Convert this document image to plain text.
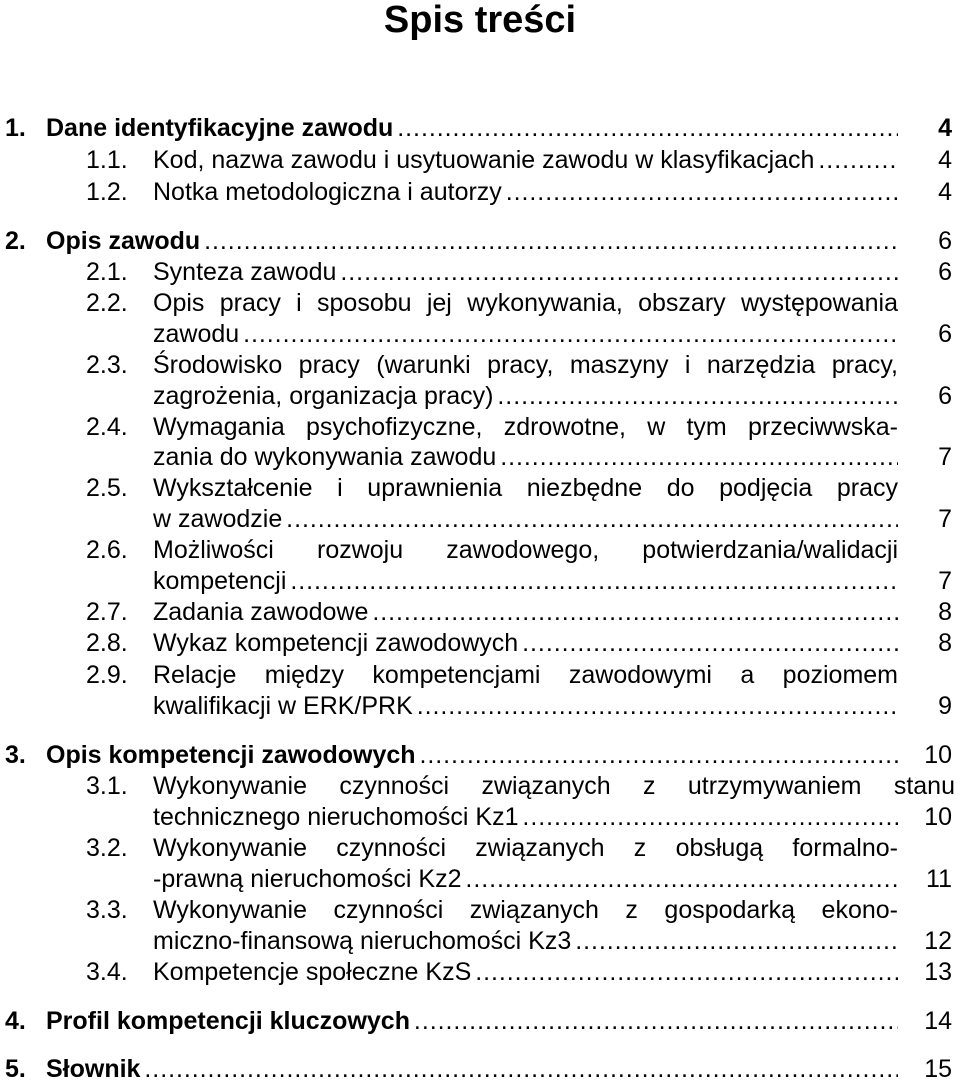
Spis treści
1. Dane identyfikacyjne zawodu . . .	4
1.1. Kod, nazwa zawodu i usytuowanie zawodu w klasyfikacjach . . .	4
1.2. Notka metodologiczna i autorzy . . .	4
2. Opis zawodu . . .	6
2.1. Synteza zawodu . . .	6
2.2. Opis pracy i sposobu jej wykonywania, obszary występowania
zawodu . . .	6
2.3. Środowisko pracy (warunki pracy, maszyny i narzędzia pracy,
zagrożenia, organizacja pracy) . . .	6
2.4. Wymagania psychofizyczne, zdrowotne, w tym przeciwwska-
zania do wykonywania zawodu . . .	7
2.5. Wykształcenie i uprawnienia niezbędne do podjęcia pracy
w zawodzie . . .	7
2.6. Możliwości rozwoju zawodowego, potwierdzania/walidacji
kompetencji . . .	7
2.7. Zadania zawodowe . . .	8
2.8. Wykaz kompetencji zawodowych . . .	8
2.9. Relacje między kompetencjami zawodowymi a poziomem
kwalifikacji w ERK/PRK . . .	9
3. Opis kompetencji zawodowych . . .	10
3.1. Wykonywanie czynności związanych z utrzymywaniem stanu
technicznego nieruchomości Kz1 . . .	10
3.2. Wykonywanie czynności związanych z obsługą formalno-
-prawną nieruchomości Kz2 . . .	11
3.3. Wykonywanie czynności związanych z gospodarką ekono-
miczno-finansową nieruchomości Kz3 . . .	12
3.4. Kompetencje społeczne KzS . . .	13
4. Profil kompetencji kluczowych . . .	14
5. Słownik . . .	15
